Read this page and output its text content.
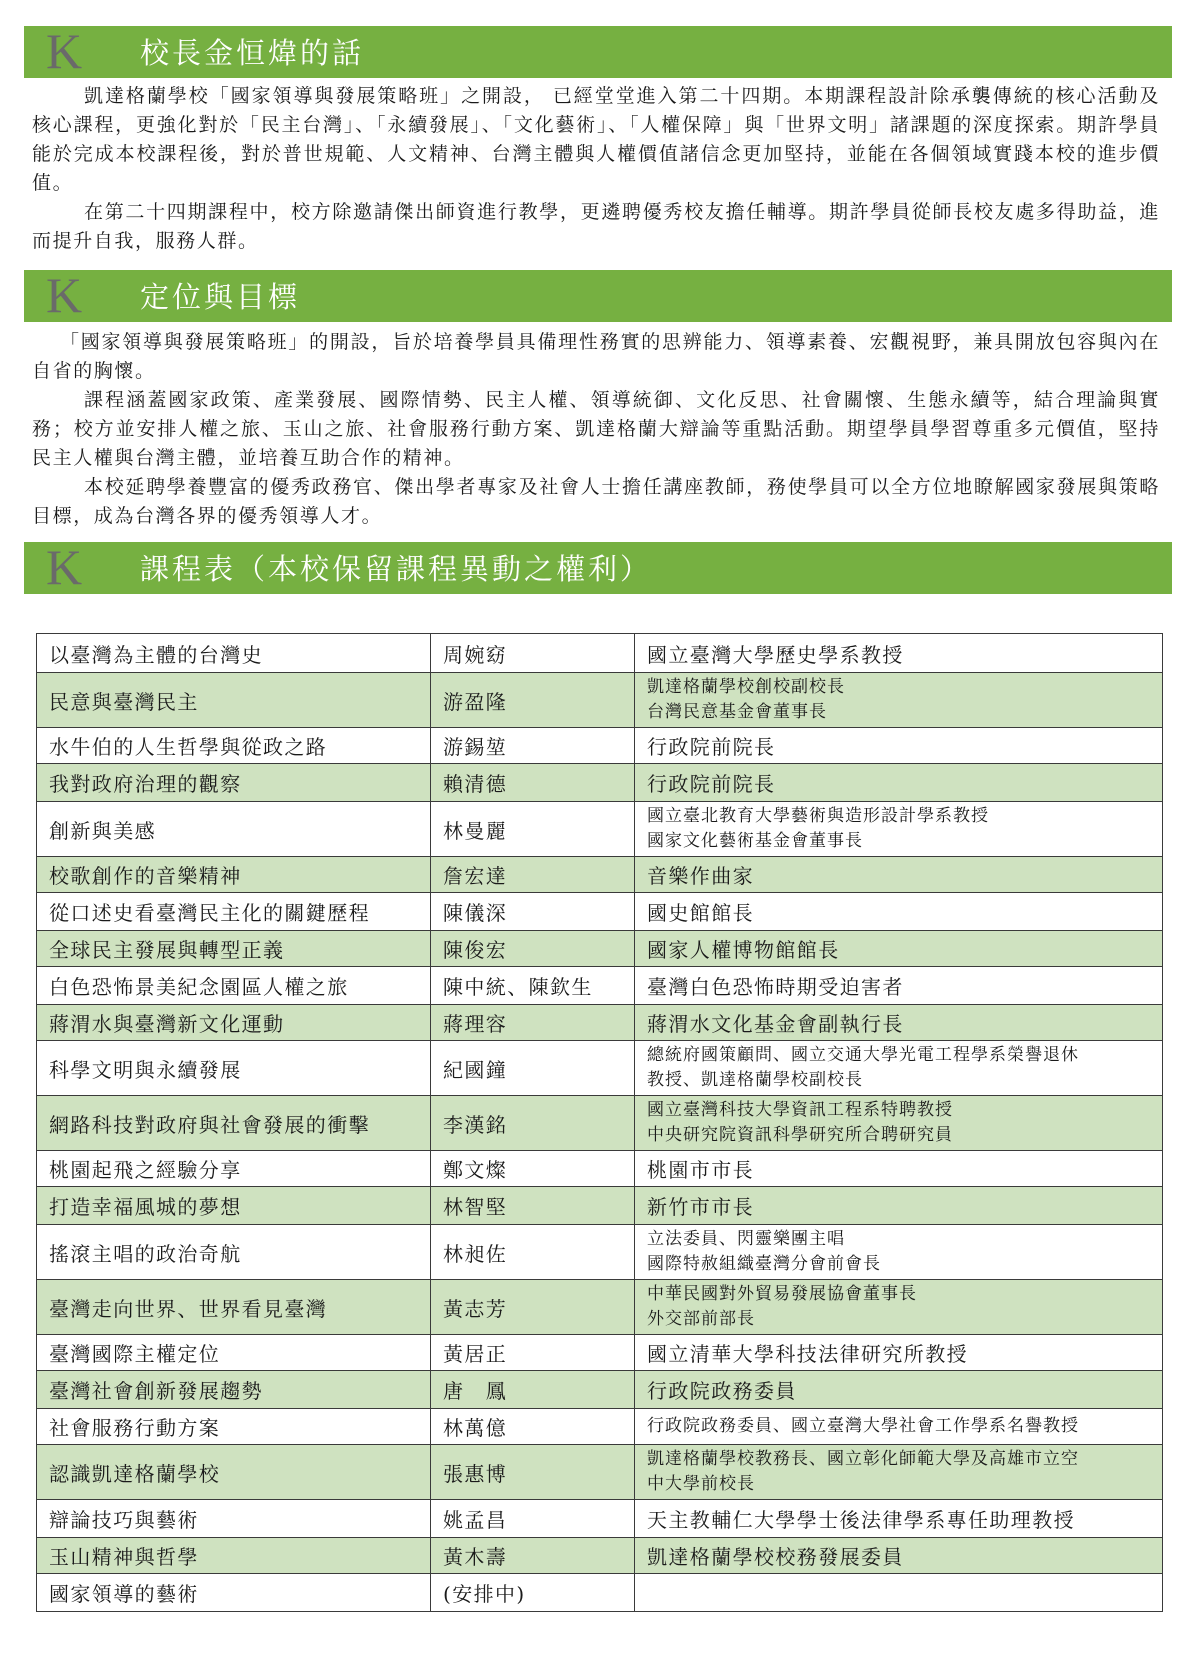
K 校長金恒煒的話

凱達格蘭學校「國家領導與發展策略班」之開設， 已經堂堂進入第二十四期。本期課程設計除承襲傳統的核心活動及核心課程，更強化對於「民主台灣」、「永續發展」、「文化藝術」、「人權保障」與「世界文明」諸課題的深度探索。期許學員能於完成本校課程後，對於普世規範、人文精神、台灣主體與人權價值諸信念更加堅持，並能在各個領域實踐本校的進步價值。

在第二十四期課程中，校方除邀請傑出師資進行教學，更遴聘優秀校友擔任輔導。期許學員從師長校友處多得助益，進而提升自我，服務人群。

K 定位與目標

「國家領導與發展策略班」的開設，旨於培養學員具備理性務實的思辨能力、領導素養、宏觀視野，兼具開放包容與內在自省的胸懷。

課程涵蓋國家政策、產業發展、國際情勢、民主人權、領導統御、文化反思、社會關懷、生態永續等，結合理論與實務；校方並安排人權之旅、玉山之旅、社會服務行動方案、凱達格蘭大辯論等重點活動。期望學員學習尊重多元價值，堅持民主人權與台灣主體，並培養互助合作的精神。

本校延聘學養豐富的優秀政務官、傑出學者專家及社會人士擔任講座教師，務使學員可以全方位地瞭解國家發展與策略目標，成為台灣各界的優秀領導人才。

K 課程表（本校保留課程異動之權利）
以臺灣為主體的台灣史	周婉窈	國立臺灣大學歷史學系教授

民意與臺灣民主	游盈隆	凱達格蘭學校創校副校長
台灣民意基金會董事長

水牛伯的人生哲學與從政之路	游錫堃	行政院前院長

我對政府治理的觀察	賴清德	行政院前院長

創新與美感	林曼麗	國立臺北教育大學藝術與造形設計學系教授
國家文化藝術基金會董事長

校歌創作的音樂精神	詹宏達	音樂作曲家

從口述史看臺灣民主化的關鍵歷程	陳儀深	國史館館長

全球民主發展與轉型正義	陳俊宏	國家人權博物館館長

白色恐怖景美紀念園區人權之旅	陳中統、陳欽生	臺灣白色恐怖時期受迫害者

蔣渭水與臺灣新文化運動	蔣理容	蔣渭水文化基金會副執行長

科學文明與永續發展	紀國鐘	總統府國策顧問、國立交通大學光電工程學系榮譽退休
教授、凱達格蘭學校副校長

網路科技對政府與社會發展的衝擊	李漢銘	國立臺灣科技大學資訊工程系特聘教授
中央研究院資訊科學研究所合聘研究員

桃園起飛之經驗分享	鄭文燦	桃園市市長

打造幸福風城的夢想	林智堅	新竹市市長

搖滾主唱的政治奇航	林昶佐	立法委員、閃靈樂團主唱
國際特赦組織臺灣分會前會長

臺灣走向世界、世界看見臺灣	黃志芳	中華民國對外貿易發展協會董事長
外交部前部長

臺灣國際主權定位	黃居正	國立清華大學科技法律研究所教授

臺灣社會創新發展趨勢	唐　鳳	行政院政務委員

社會服務行動方案	林萬億	行政院政務委員、國立臺灣大學社會工作學系名譽教授

認識凱達格蘭學校	張惠博	凱達格蘭學校教務長、國立彰化師範大學及高雄市立空
中大學前校長

辯論技巧與藝術	姚孟昌	天主教輔仁大學學士後法律學系專任助理教授

玉山精神與哲學	黃木壽	凱達格蘭學校校務發展委員

國家領導的藝術	(安排中)	
